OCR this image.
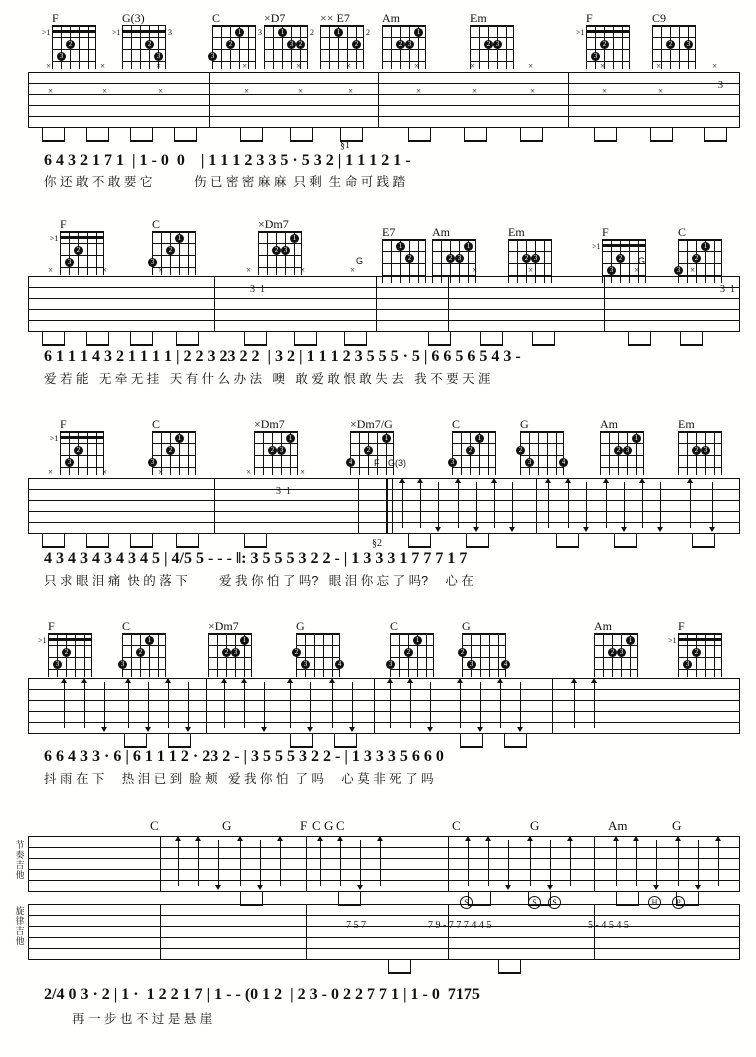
F
2
3
>1
G(3)
2
3
>1	3
C
1
2
3
3
×D7
1
2
3
2
×× E7
1
2
2
Am
1
2 3
Em
2 3
F
2
3
>1
C9
2	3
×	×	×	×	×	×	×	×	×	×	×	×
×	×	×	×	×	×	×	×	×	×	×	3
§1
6 4 3 2 1 7 1  | 1 - 0  0    | 1 1 1 2 3 3 5 · 5 3 2 | 1 1 1 2 1 -
你 还 敢 不 敢 要 它            伤 已 密 密 麻 麻  只 剩  生 命 可 践 踏
F
2
3
>1
C
1
2
3
×Dm7
1
2 3
E7
1
2
Am
1
2 3
Em
2 3
F
2
3
>1
C
1
2
3
G	G
×	×	×	×	×	×	×	×	×	×
3 1	3 1
6 1 1 1 4 3 2 1 1 1 1 | 2 2 3 23 2 2  | 3 2 | 1 1 1 2 3 5 5 5 · 5 | 6 6 5 6 5 4 3 -
爱 若 能   无 牵 无 挂   天 有 什 么 办 法   噢   敢 爱 敢 恨 敢 失 去   我 不 要 天 涯
F
2
3
>1
C
1
2
3
×Dm7
1
2 3
×Dm7/G
1
2
4
C
1
2
3
G
2
3	4
Am
1
2 3
Em
2 3
F G(3)
×	×	×	×	×
3 1
§2
4 3 4 3 4 3 4 3 4 5 | 4/5 5 - - - ‖: 3 5 5 5 3 2 2 - | 1 3 3 3 1 7 7 7 1 7
只 求 眼 泪 痛  快 的 落 下         爱 我 你 怕 了 吗?   眼 泪 你 忘 了 吗?     心 在
F
2
3
>1
C
1
2
3
×Dm7
1
2 3
G
2
3	4
C
1
2
3
G
2
3	4
Am
1
2 3
F
2
3
>1
6 6 4 3 3 · 6 | 6 1 1 1 2 · 23 2 - | 3 5 5 5 3 2 2 - | 1 3 3 3 5 6 6 0
抖 雨 在 下     热 泪 已 到  脸 颊   爱 我 你 怕  了 吗     心 莫 非 死 了 吗
节奏吉他
旋律吉他
C	G	F C G C	C	G	Am	G
7 5 7	7 9 - 7 7 7 4 4 5	5 - 4 5 4 5
S	S	S	H	P
2/4 0 3 · 2 | 1 ·  1 2 2 1 7 | 1 - - (0 1 2  | 2 3 - 0 2 2 7 7 1 | 1 - 0  7175
再 一 步 也 不 过 是 悬 崖
